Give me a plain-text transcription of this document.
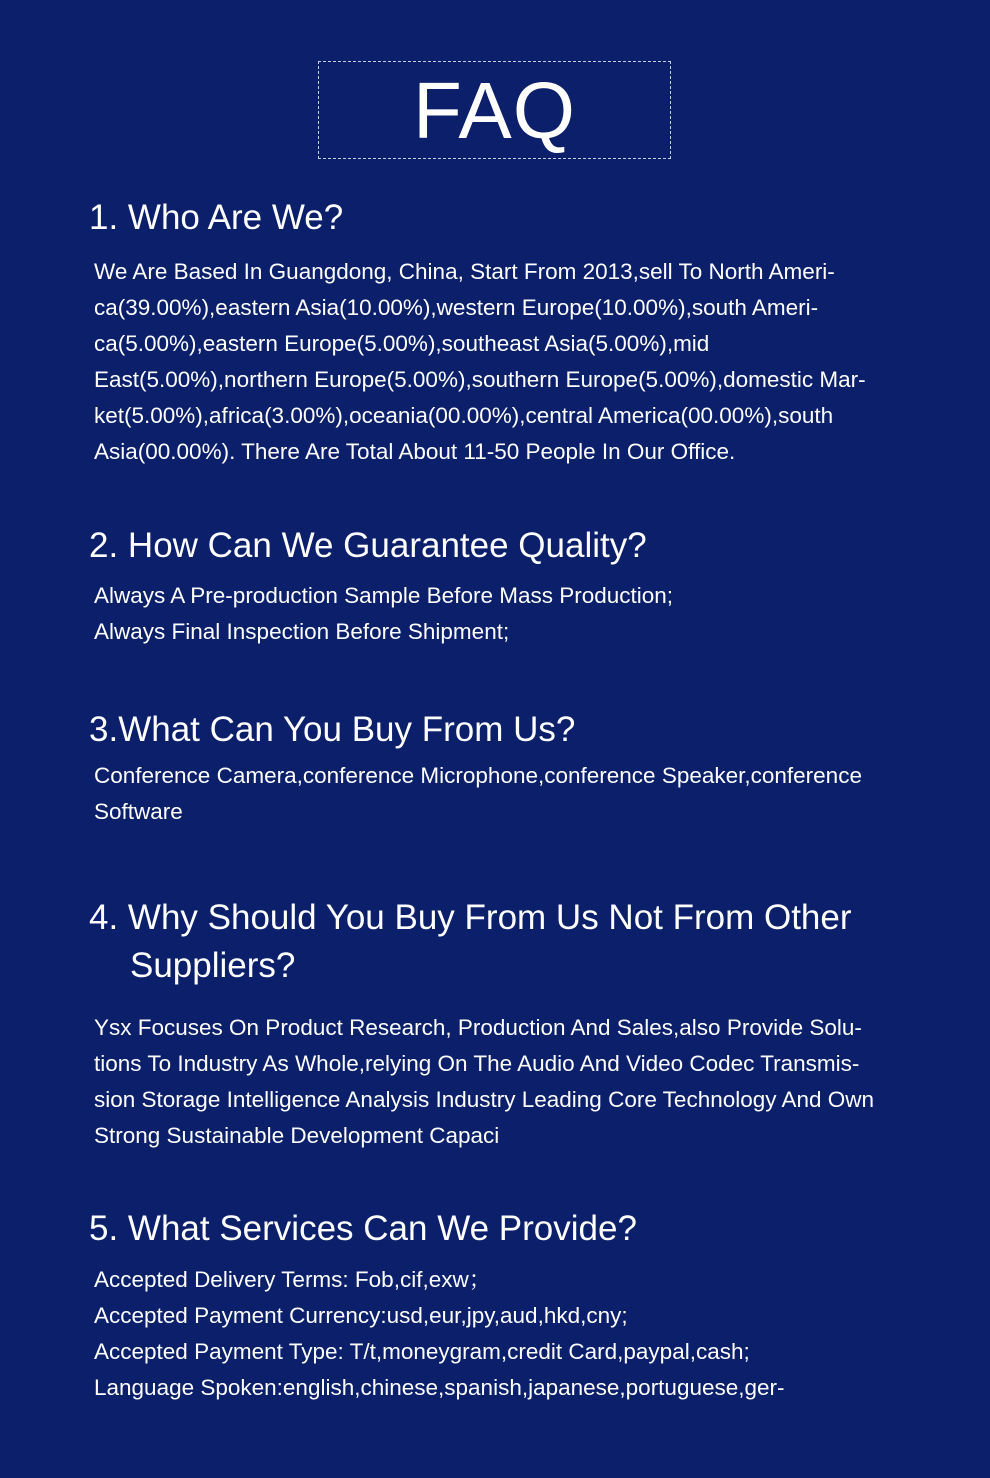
FAQ
1. Who Are We?
We Are Based In Guangdong, China, Start From 2013,sell To North Ameri-
ca(39.00%),eastern Asia(10.00%),western Europe(10.00%),south Ameri-
ca(5.00%),eastern Europe(5.00%),southeast Asia(5.00%),mid
East(5.00%),northern Europe(5.00%),southern Europe(5.00%),domestic Mar-
ket(5.00%),africa(3.00%),oceania(00.00%),central America(00.00%),south
Asia(00.00%). There Are Total About 11-50 People In Our Office.
2. How Can We Guarantee Quality?
Always A Pre-production Sample Before Mass Production;
Always Final Inspection Before Shipment;
3.What Can You Buy From Us?
Conference Camera,conference Microphone,conference Speaker,conference
Software
4. Why Should You Buy From Us Not From Other
Suppliers?
Ysx Focuses On Product Research, Production And Sales,also Provide Solu-
tions To Industry As Whole,relying On The Audio And Video Codec Transmis-
sion Storage Intelligence Analysis Industry Leading Core Technology And Own
Strong Sustainable Development Capaci
5. What Services Can We Provide?
Accepted Delivery Terms: Fob,cif,exw；
Accepted Payment Currency:usd,eur,jpy,aud,hkd,cny;
Accepted Payment Type: T/t,moneygram,credit Card,paypal,cash;
Language Spoken:english,chinese,spanish,japanese,portuguese,ger-
